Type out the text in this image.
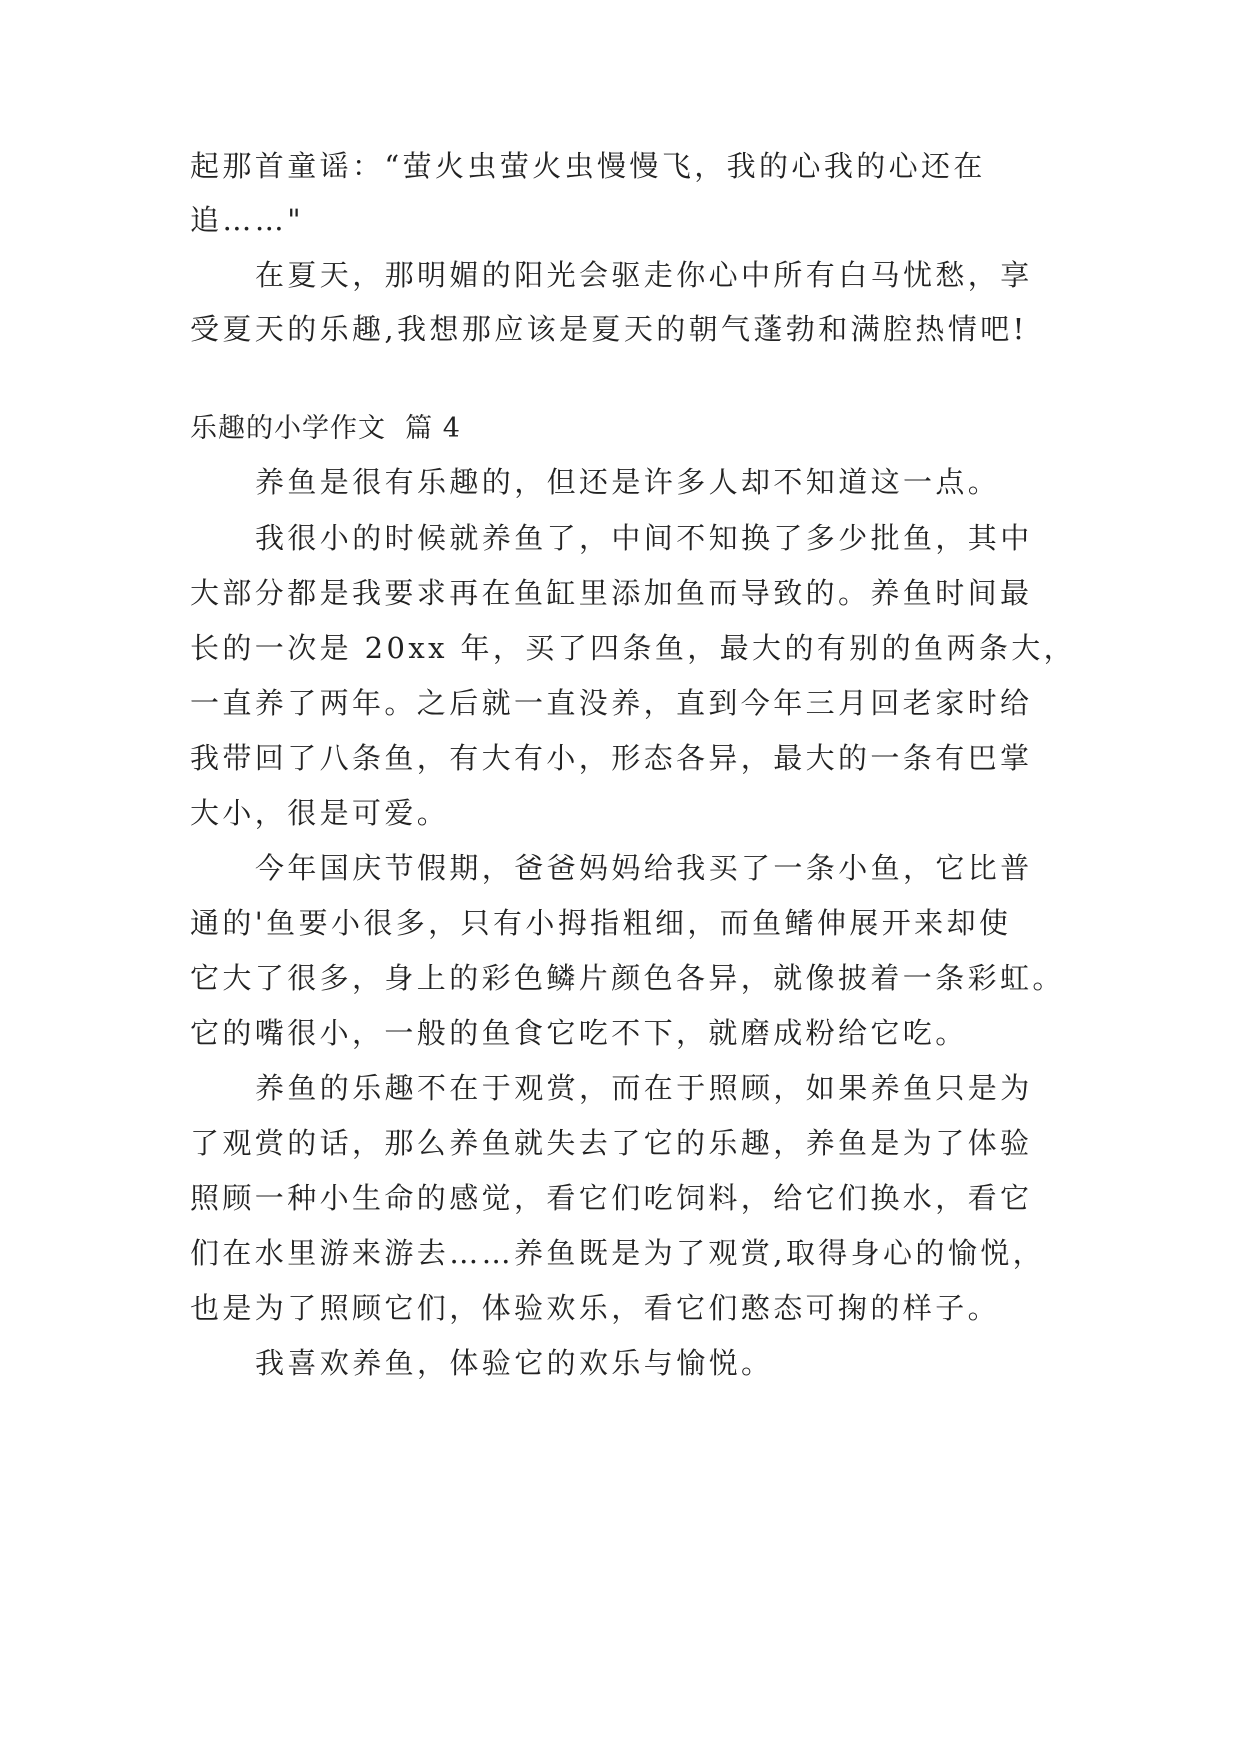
起那首童谣：“萤火虫萤火虫慢慢飞，我的心我的心还在
追……"
在夏天，那明媚的阳光会驱走你心中所有白马忧愁，享
受夏天的乐趣,我想那应该是夏天的朝气蓬勃和满腔热情吧!
乐趣的小学作文  篇 4
养鱼是很有乐趣的，但还是许多人却不知道这一点。
我很小的时候就养鱼了，中间不知换了多少批鱼，其中
大部分都是我要求再在鱼缸里添加鱼而导致的。养鱼时间最
长的一次是 20xx 年，买了四条鱼，最大的有别的鱼两条大，
一直养了两年。之后就一直没养，直到今年三月回老家时给
我带回了八条鱼，有大有小，形态各异，最大的一条有巴掌
大小，很是可爱。
今年国庆节假期，爸爸妈妈给我买了一条小鱼，它比普
通的'鱼要小很多，只有小拇指粗细，而鱼鳍伸展开来却使
它大了很多，身上的彩色鳞片颜色各异，就像披着一条彩虹。
它的嘴很小，一般的鱼食它吃不下，就磨成粉给它吃。
养鱼的乐趣不在于观赏，而在于照顾，如果养鱼只是为
了观赏的话，那么养鱼就失去了它的乐趣，养鱼是为了体验
照顾一种小生命的感觉，看它们吃饲料，给它们换水，看它
们在水里游来游去……养鱼既是为了观赏,取得身心的愉悦，
也是为了照顾它们，体验欢乐，看它们憨态可掬的样子。
我喜欢养鱼，体验它的欢乐与愉悦。
